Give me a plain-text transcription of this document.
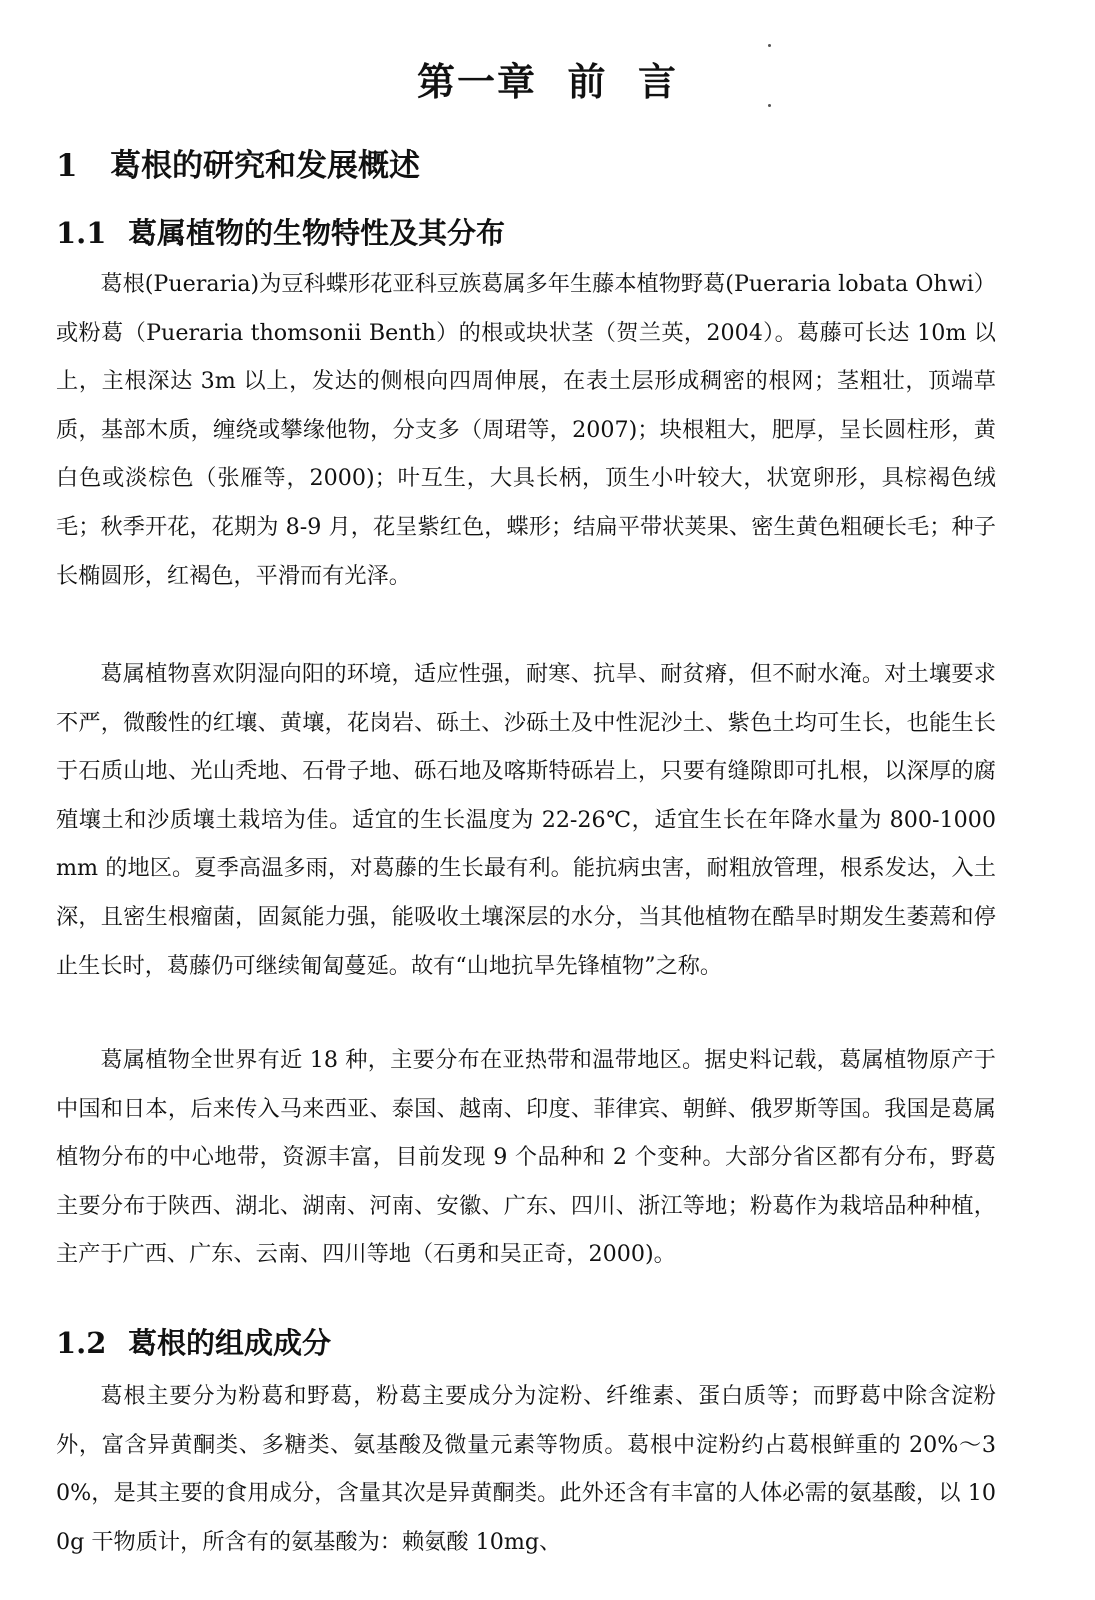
第一章  前  言
1 葛根的研究和发展概述
1.1 葛属植物的生物特性及其分布

葛根(Pueraria)为豆科蝶形花亚科豆族葛属多年生藤本植物野葛(Pueraria lobata Ohwi）或粉葛（Pueraria thomsonii Benth）的根或块状茎（贺兰英，2004）。葛藤可长达 10m 以上，主根深达 3m 以上，发达的侧根向四周伸展，在表土层形成稠密的根网；茎粗壮，顶端草质，基部木质，缠绕或攀缘他物，分支多（周珺等，2007)；块根粗大，肥厚，呈长圆柱形，黄白色或淡棕色（张雁等，2000)；叶互生，大具长柄，顶生小叶较大，状宽卵形，具棕褐色绒毛；秋季开花，花期为 8-9 月，花呈紫红色，蝶形；结扁平带状荚果、密生黄色粗硬长毛；种子长椭圆形，红褐色，平滑而有光泽。

葛属植物喜欢阴湿向阳的环境，适应性强，耐寒、抗旱、耐贫瘠，但不耐水淹。对土壤要求不严，微酸性的红壤、黄壤，花岗岩、砾土、沙砾土及中性泥沙土、紫色土均可生长，也能生长于石质山地、光山秃地、石骨子地、砾石地及喀斯特砾岩上，只要有缝隙即可扎根，以深厚的腐殖壤土和沙质壤土栽培为佳。适宜的生长温度为 22-26℃，适宜生长在年降水量为 800-1000mm 的地区。夏季高温多雨，对葛藤的生长最有利。能抗病虫害，耐粗放管理，根系发达，入土深，且密生根瘤菌，固氮能力强，能吸收土壤深层的水分，当其他植物在酷旱时期发生萎蔫和停止生长时，葛藤仍可继续匍匐蔓延。故有“山地抗旱先锋植物”之称。

葛属植物全世界有近 18 种，主要分布在亚热带和温带地区。据史料记载，葛属植物原产于中国和日本，后来传入马来西亚、泰国、越南、印度、菲律宾、朝鲜、俄罗斯等国。我国是葛属植物分布的中心地带，资源丰富，目前发现 9 个品种和 2 个变种。大部分省区都有分布，野葛主要分布于陕西、湖北、湖南、河南、安徽、广东、四川、浙江等地；粉葛作为栽培品种种植，主产于广西、广东、云南、四川等地（石勇和吴正奇，2000)。

1.2 葛根的组成成分

葛根主要分为粉葛和野葛，粉葛主要成分为淀粉、纤维素、蛋白质等；而野葛中除含淀粉外，富含异黄酮类、多糖类、氨基酸及微量元素等物质。葛根中淀粉约占葛根鲜重的 20%～30%，是其主要的食用成分，含量其次是异黄酮类。此外还含有丰富的人体必需的氨基酸，以 100g 干物质计，所含有的氨基酸为：赖氨酸 10mg、
